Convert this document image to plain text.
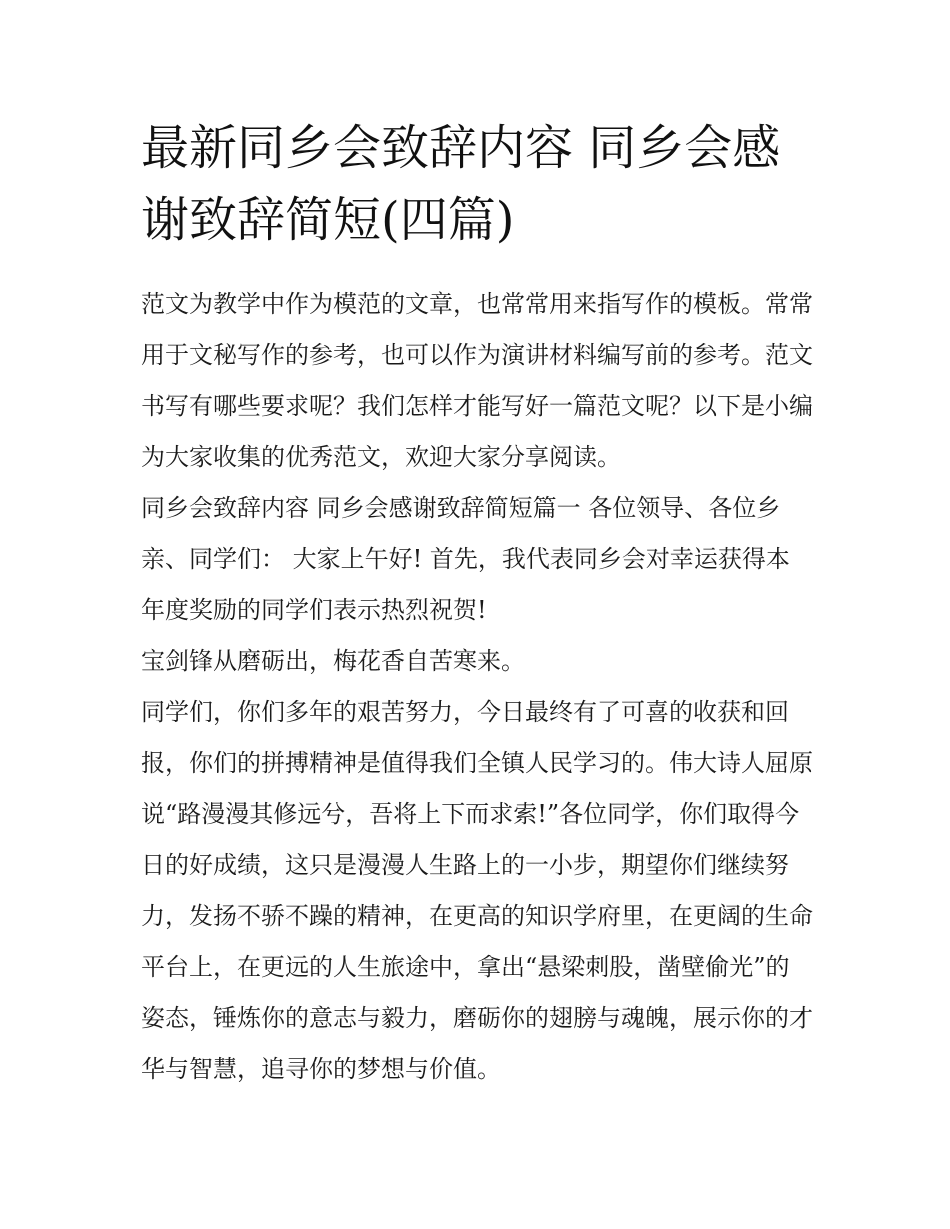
最新同乡会致辞内容 同乡会感谢致辞简短(四篇)

范文为教学中作为模范的文章，也常常用来指写作的模板。常常用于文秘写作的参考，也可以作为演讲材料编写前的参考。范文书写有哪些要求呢？我们怎样才能写好一篇范文呢？以下是小编为大家收集的优秀范文，欢迎大家分享阅读。

同乡会致辞内容 同乡会感谢致辞简短篇一 各位领导、各位乡亲、同学们： 大家上午好! 首先，我代表同乡会对幸运获得本年度奖励的同学们表示热烈祝贺!

宝剑锋从磨砺出，梅花香自苦寒来。

同学们，你们多年的艰苦努力，今日最终有了可喜的收获和回报，你们的拼搏精神是值得我们全镇人民学习的。伟大诗人屈原说“路漫漫其修远兮，吾将上下而求索!”各位同学，你们取得今日的好成绩，这只是漫漫人生路上的一小步，期望你们继续努力，发扬不骄不躁的精神，在更高的知识学府里，在更阔的生命平台上，在更远的人生旅途中，拿出“悬梁刺股，凿壁偷光”的姿态，锤炼你的意志与毅力，磨砺你的翅膀与魂魄，展示你的才华与智慧，追寻你的梦想与价值。
